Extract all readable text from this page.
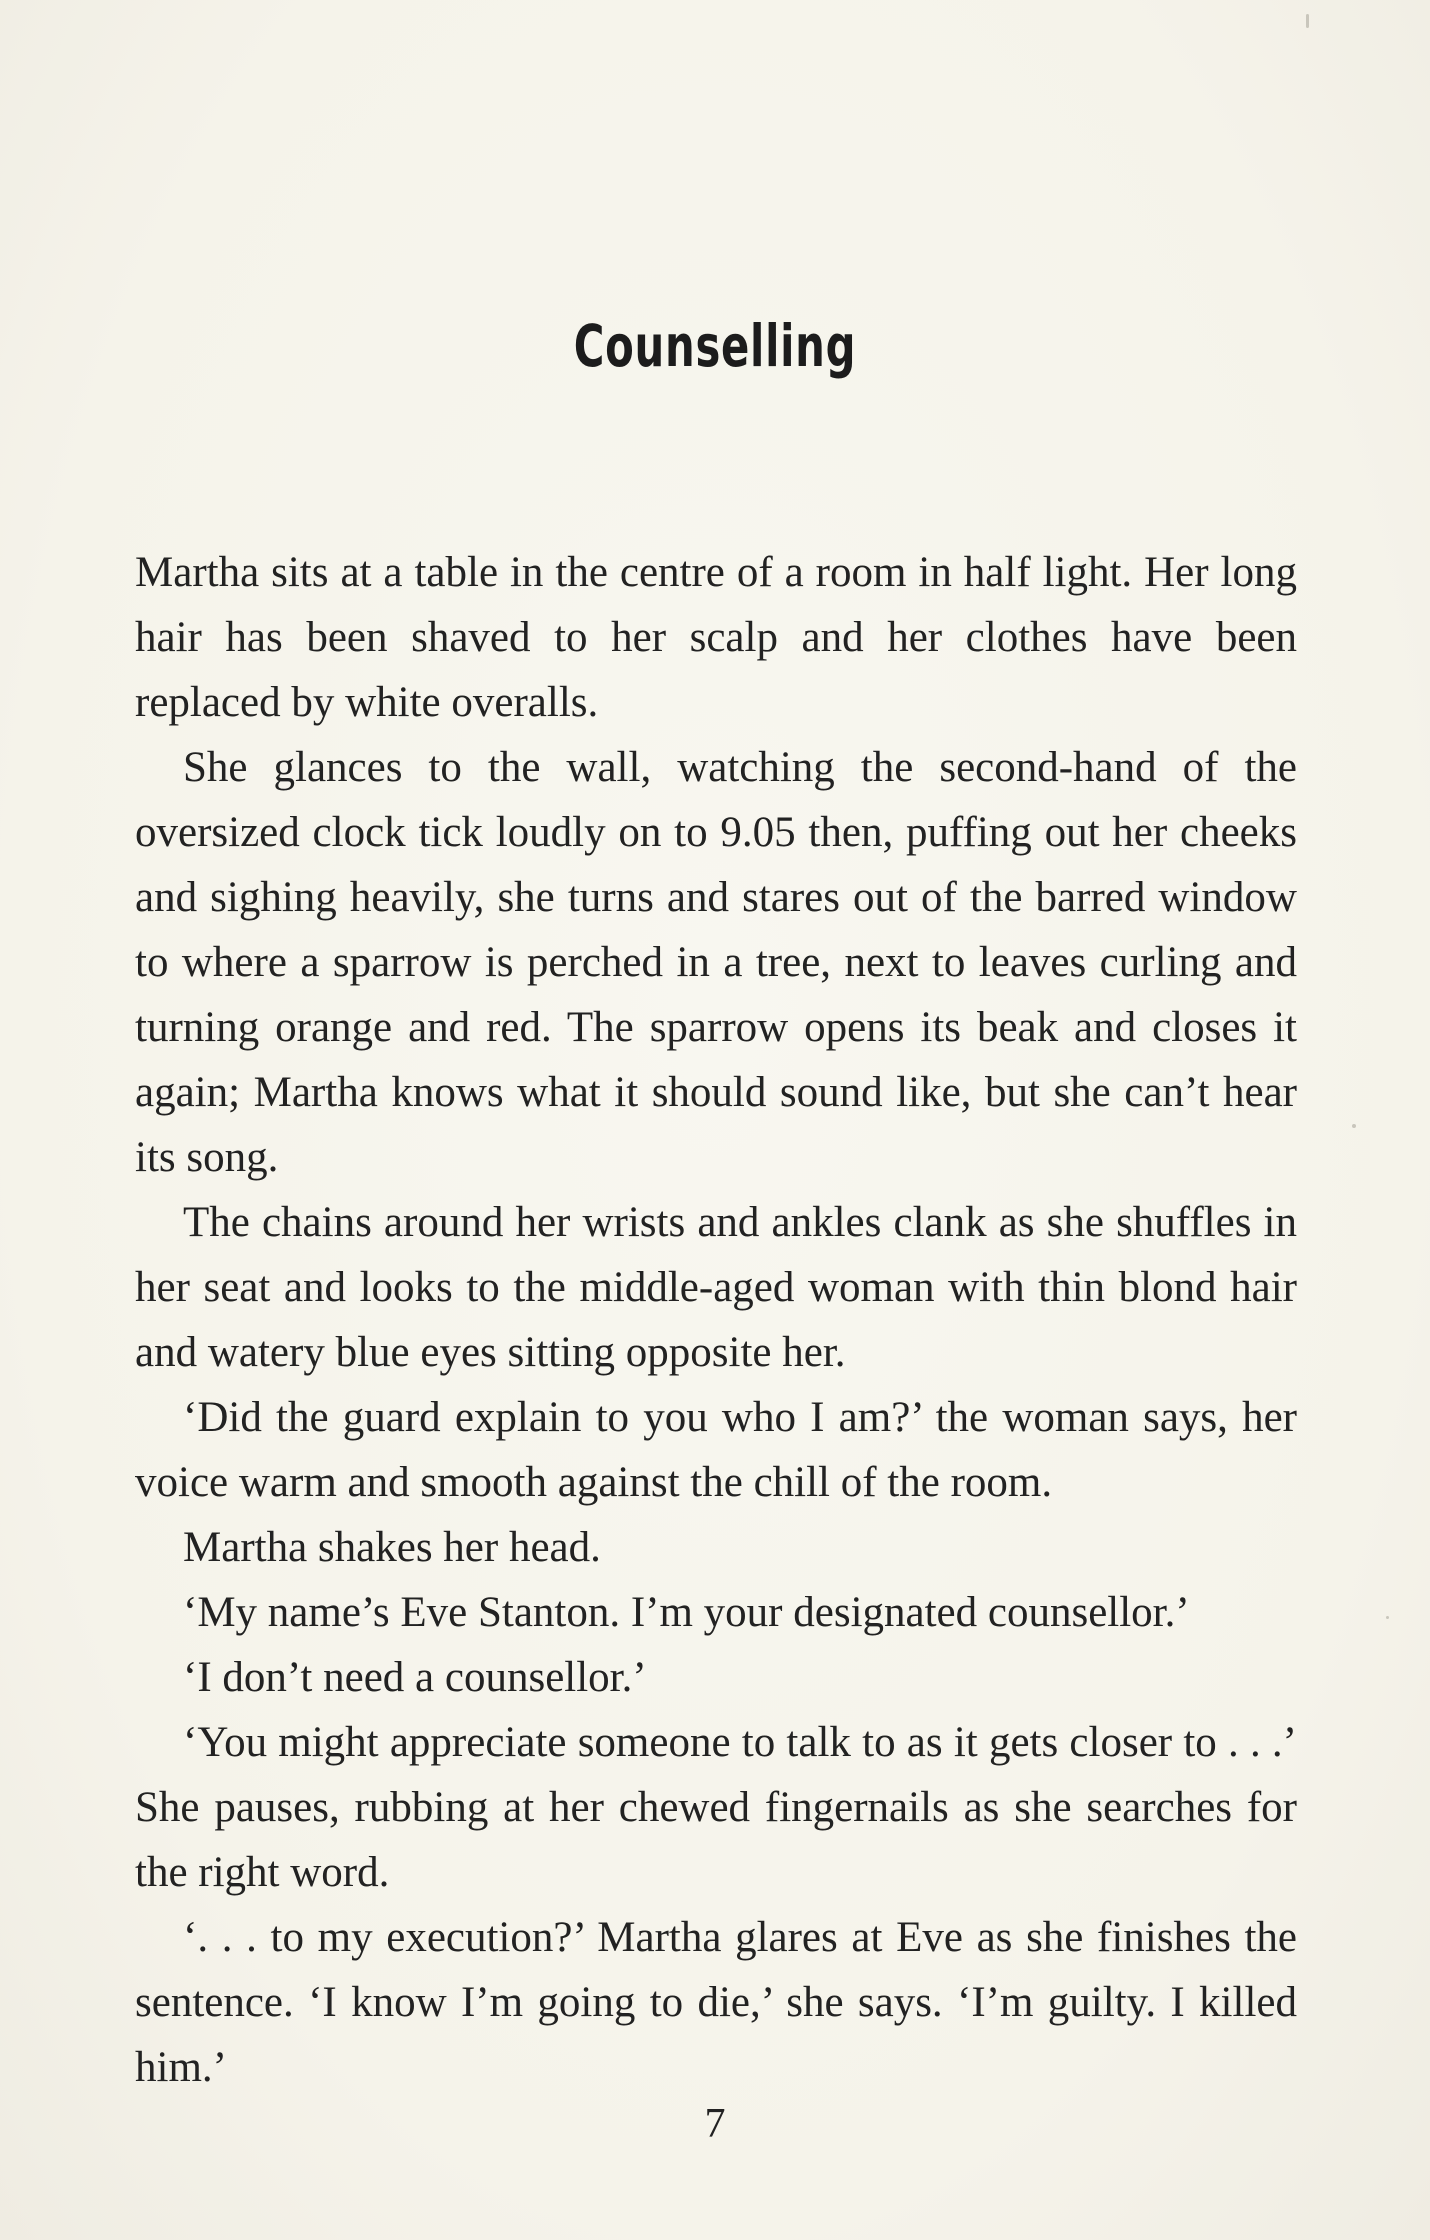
Counselling

Martha sits at a table in the centre of a room in half light. Her long hair has been shaved to her scalp and her clothes have been replaced by white overalls.

She glances to the wall, watching the second-hand of the oversized clock tick loudly on to 9.05 then, puffing out her cheeks and sighing heavily, she turns and stares out of the barred window to where a sparrow is perched in a tree, next to leaves curling and turning orange and red. The sparrow opens its beak and closes it again; Martha knows what it should sound like, but she can’t hear its song.

The chains around her wrists and ankles clank as she shuffles in her seat and looks to the middle-aged woman with thin blond hair and watery blue eyes sitting opposite her.

‘Did the guard explain to you who I am?’ the woman says, her voice warm and smooth against the chill of the room.

Martha shakes her head.

‘My name’s Eve Stanton. I’m your designated counsellor.’

‘I don’t need a counsellor.’

‘You might appreciate someone to talk to as it gets closer to . . .’ She pauses, rubbing at her chewed fingernails as she searches for the right word.

‘. . . to my execution?’ Martha glares at Eve as she finishes the sentence. ‘I know I’m going to die,’ she says. ‘I’m guilty. I killed him.’

7
